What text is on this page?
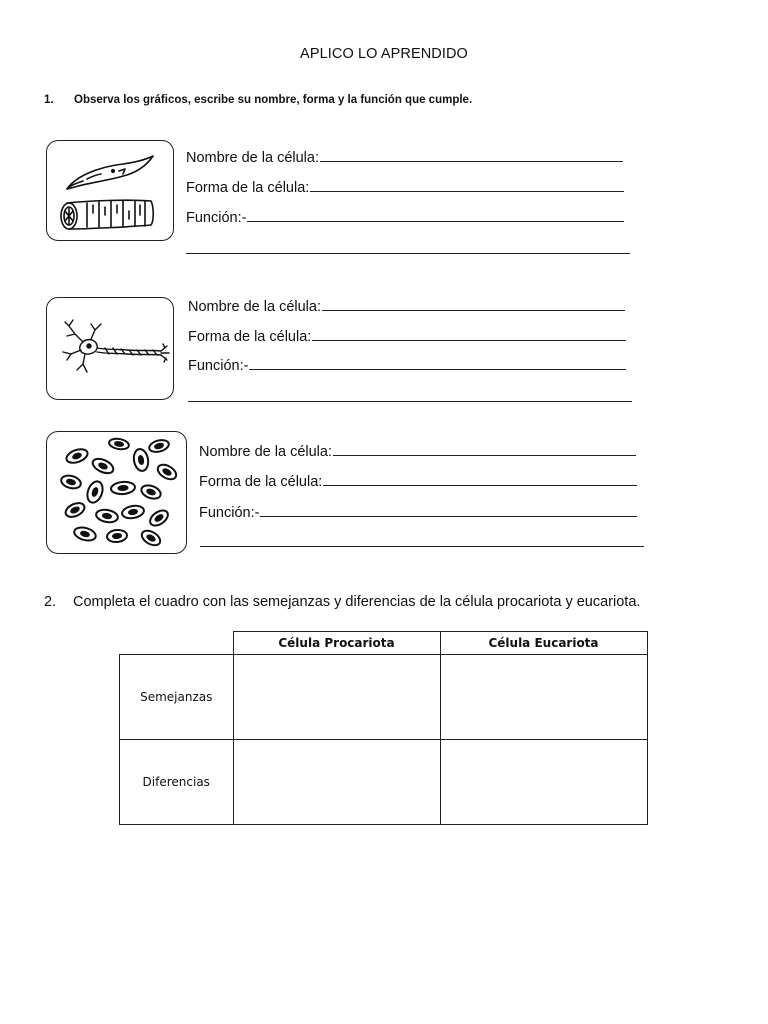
APLICO LO APRENDIDO
1. Observa los gráficos, escribe su nombre, forma y la función que cumple.
Nombre de la célula:
Forma de la célula:
Función:-
Nombre de la célula:
Forma de la célula:
Función:-
Nombre de la célula:
Forma de la célula:
Función:-
2. Completa el cuadro con las semejanzas y diferencias de la célula procariota y eucariota.
	Célula Procariota	Célula Eucariota
Semejanzas		
Diferencias		
